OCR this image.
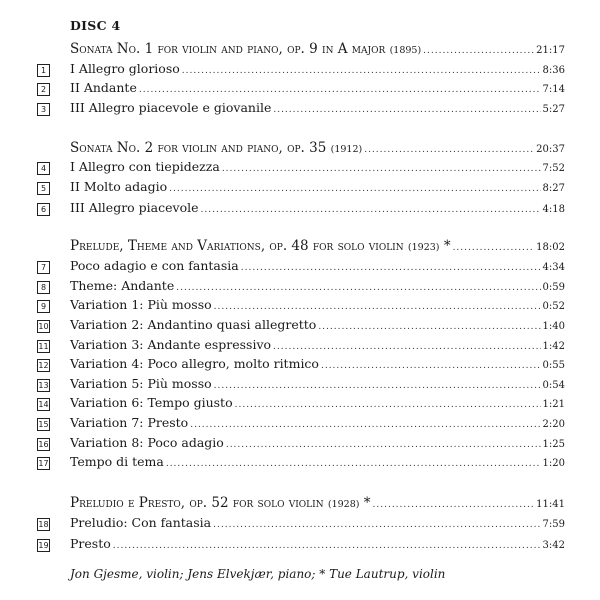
DISC 4
Sonata No. 1 for violin and piano, op. 9 in A major (1895) .....	21:17
1	I Allegro glorioso .....	8:36
2	II Andante .....	7:14
3	III Allegro piacevole e giovanile .....	5:27
Sonata No. 2 for violin and piano, op. 35 (1912) .....	20:37
4	I Allegro con tiepidezza .....	7:52
5	II Molto adagio .....	8:27
6	III Allegro piacevole .....	4:18
Prelude, Theme and Variations, op. 48 for solo violin (1923) * .....	18:02
7	Poco adagio e con fantasia .....	4:34
8	Theme: Andante .....	0:59
9	Variation 1: Più mosso .....	0:52
10 Variation 2: Andantino quasi allegretto .....	1:40
11 Variation 3: Andante espressivo .....	1:42
12 Variation 4: Poco allegro, molto ritmico .....	0:55
13 Variation 5: Più mosso .....	0:54
14 Variation 6: Tempo giusto .....	1:21
15 Variation 7: Presto .....	2:20
16 Variation 8: Poco adagio .....	1:25
17 Tempo di tema .....	1:20
Preludio e Presto, op. 52 for solo violin (1928) * .....	11:41
18 Preludio: Con fantasia .....	7:59
19 Presto .....	3:42
Jon Gjesme, violin; Jens Elvekjær, piano; * Tue Lautrup, violin
